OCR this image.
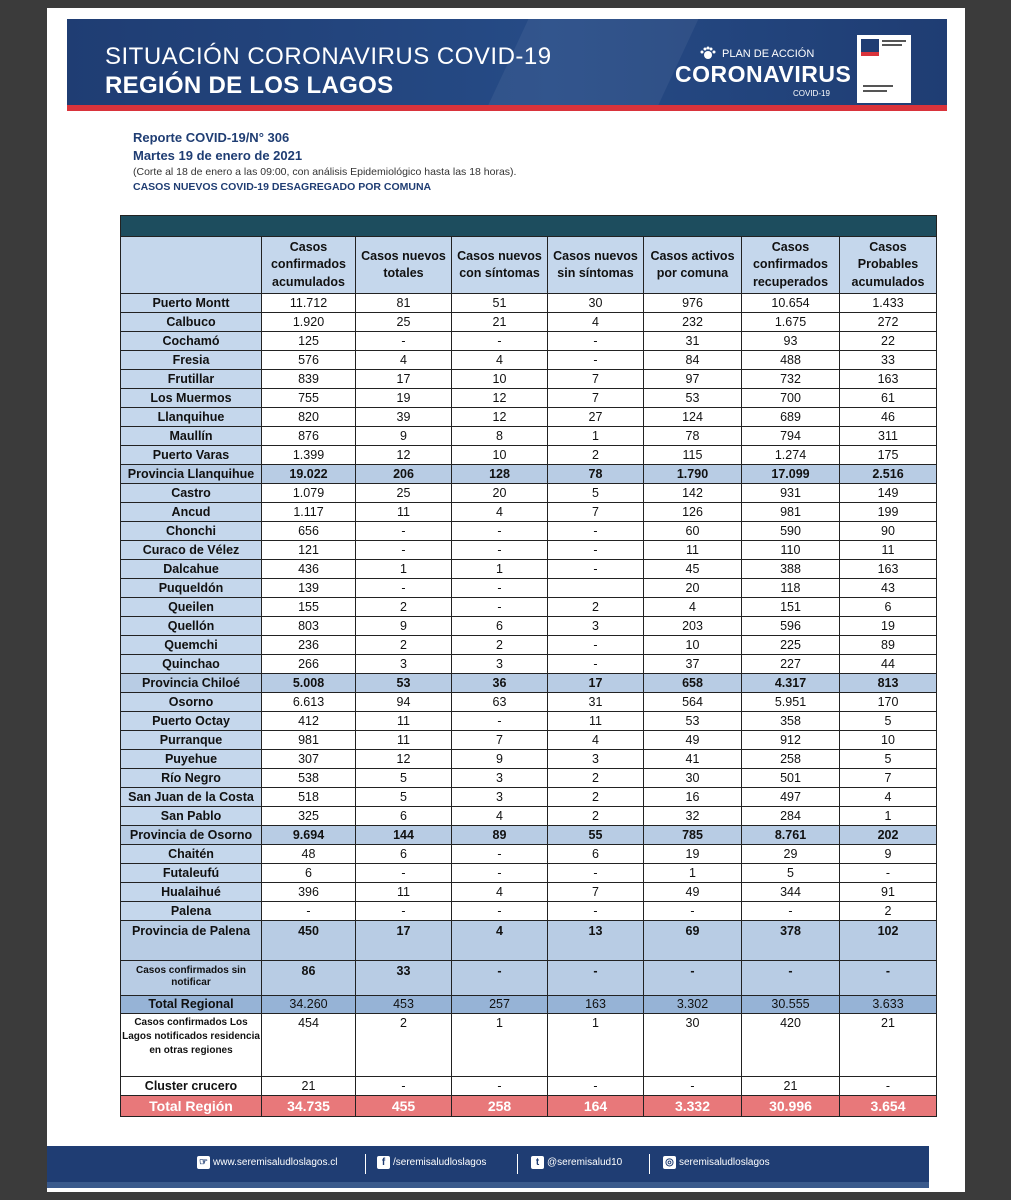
SITUACIÓN CORONAVIRUS COVID-19
REGIÓN DE LOS LAGOS
PLAN DE ACCIÓN
CORONAVIRUS
COVID-19
Reporte COVID-19/N° 306
Martes 19 de enero de 2021
(Corte al 18 de enero a las 09:00, con análisis Epidemiológico hasta las 18 horas).
CASOS NUEVOS COVID-19 DESAGREGADO POR COMUNA

	Casos confirmados acumulados	Casos nuevos totales	Casos nuevos con síntomas	Casos nuevos sin síntomas	Casos activos por comuna	Casos confirmados recuperados	Casos Probables acumulados
Puerto Montt	11.712	81	51	30	976	10.654	1.433
Calbuco	1.920	25	21	4	232	1.675	272
Cochamó	125	-	-	-	31	93	22
Fresia	576	4	4	-	84	488	33
Frutillar	839	17	10	7	97	732	163
Los Muermos	755	19	12	7	53	700	61
Llanquihue	820	39	12	27	124	689	46
Maullín	876	9	8	1	78	794	311
Puerto Varas	1.399	12	10	2	115	1.274	175
Provincia Llanquihue	19.022	206	128	78	1.790	17.099	2.516
Castro	1.079	25	20	5	142	931	149
Ancud	1.117	11	4	7	126	981	199
Chonchi	656	-	-	-	60	590	90
Curaco de Vélez	121	-	-	-	11	110	11
Dalcahue	436	1	1	-	45	388	163
Puqueldón	139	-	-		20	118	43
Queilen	155	2	-	2	4	151	6
Quellón	803	9	6	3	203	596	19
Quemchi	236	2	2	-	10	225	89
Quinchao	266	3	3	-	37	227	44
Provincia Chiloé	5.008	53	36	17	658	4.317	813
Osorno	6.613	94	63	31	564	5.951	170
Puerto Octay	412	11	-	11	53	358	5
Purranque	981	11	7	4	49	912	10
Puyehue	307	12	9	3	41	258	5
Río Negro	538	5	3	2	30	501	7
San Juan de la Costa	518	5	3	2	16	497	4
San Pablo	325	6	4	2	32	284	1
Provincia de Osorno	9.694	144	89	55	785	8.761	202
Chaitén	48	6	-	6	19	29	9
Futaleufú	6	-	-	-	1	5	-
Hualaihué	396	11	4	7	49	344	91
Palena	-	-	-	-	-	-	2
Provincia de Palena	450	17	4	13	69	378	102
Casos confirmados sin notificar	86	33	-	-	-	-	-
Total Regional	34.260	453	257	163	3.302	30.555	3.633
Casos confirmados Los Lagos notificados residencia en otras regiones	454	2	1	1	30	420	21
Cluster crucero	21	-	-	-	-	21	-
Total Región	34.735	455	258	164	3.332	30.996	3.654
☞ www.seremisaludloslagos.cl	f /seremisaludloslagos	t @seremisalud10	◎ seremisaludloslagos
